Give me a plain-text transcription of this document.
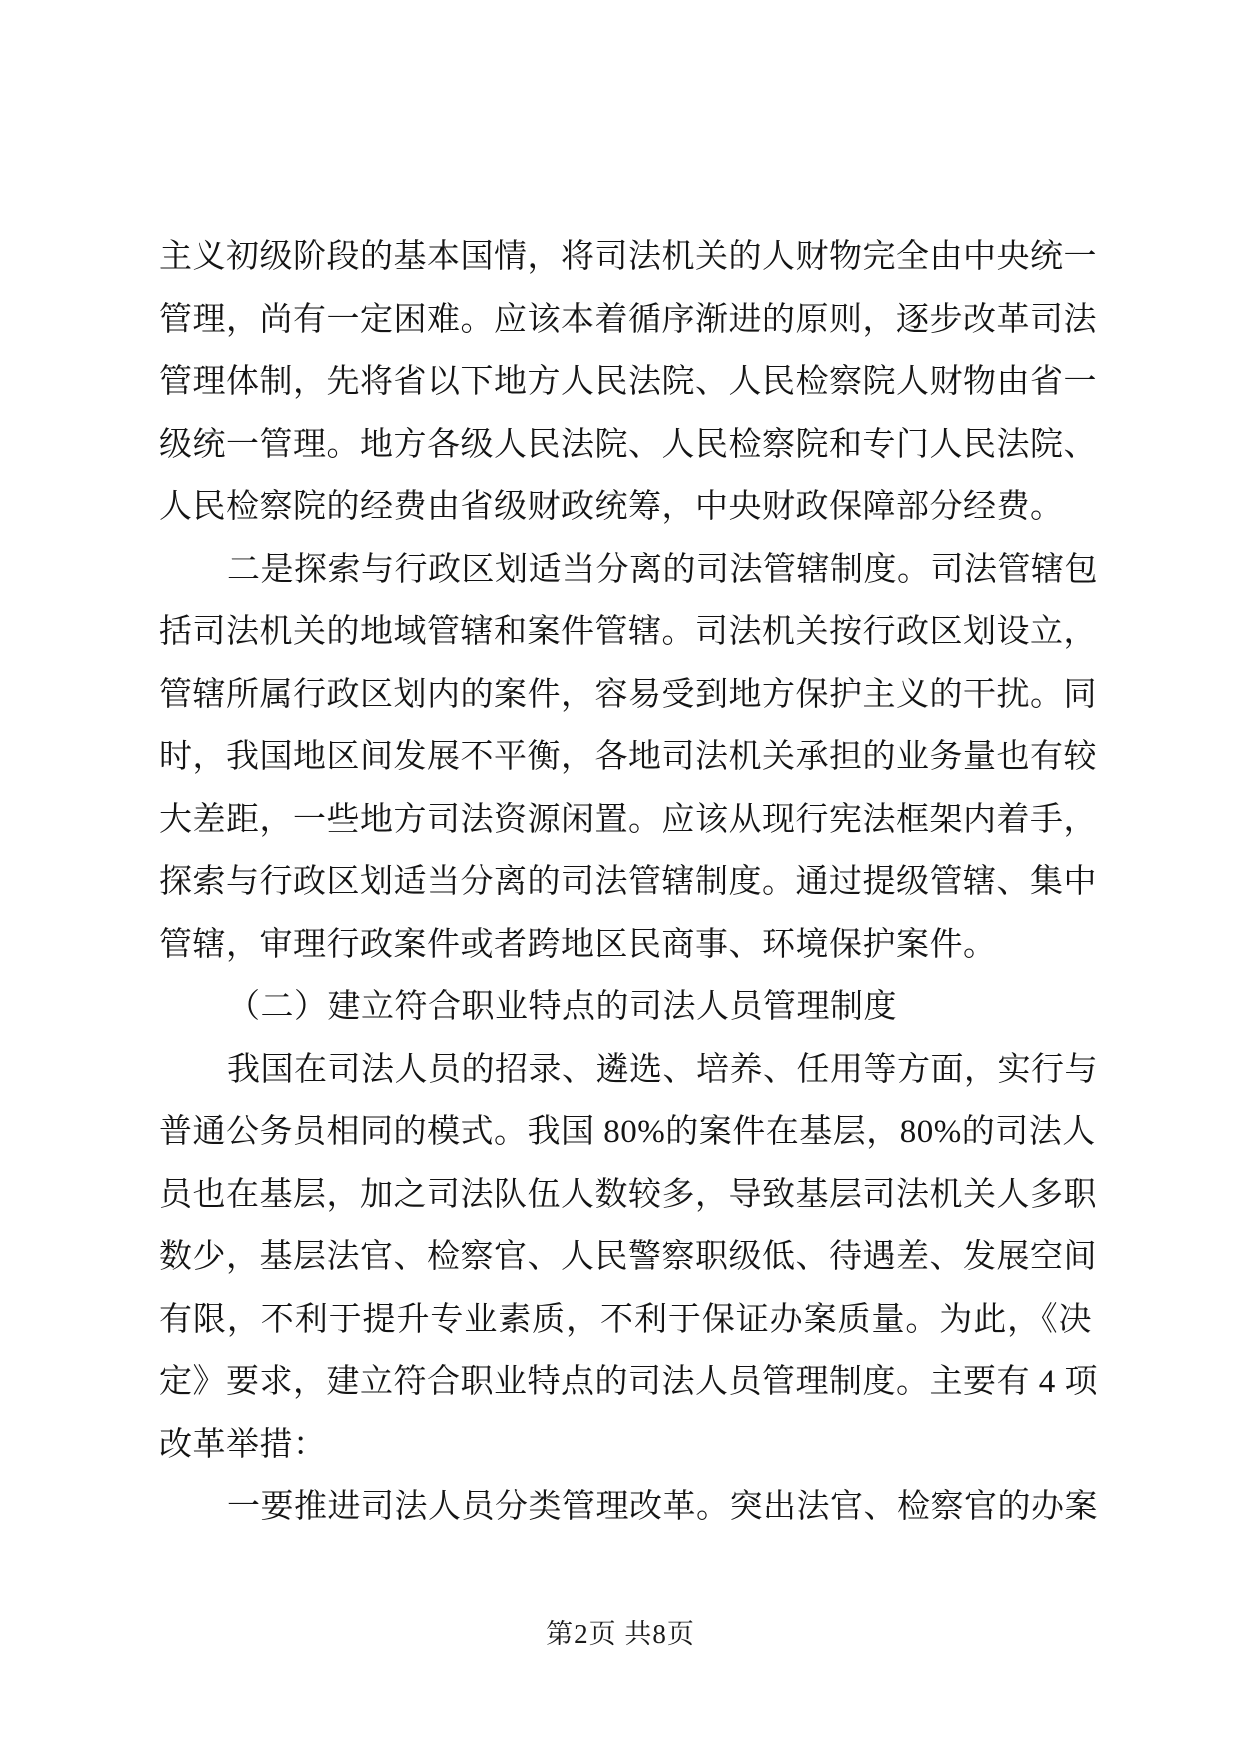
主义初级阶段的基本国情，将司法机关的人财物完全由中央统一
管理，尚有一定困难。应该本着循序渐进的原则，逐步改革司法
管理体制，先将省以下地方人民法院、人民检察院人财物由省一
级统一管理。地方各级人民法院、人民检察院和专门人民法院、
人民检察院的经费由省级财政统筹，中央财政保障部分经费。
二是探索与行政区划适当分离的司法管辖制度。司法管辖包
括司法机关的地域管辖和案件管辖。司法机关按行政区划设立，
管辖所属行政区划内的案件，容易受到地方保护主义的干扰。同
时，我国地区间发展不平衡，各地司法机关承担的业务量也有较
大差距，一些地方司法资源闲置。应该从现行宪法框架内着手，
探索与行政区划适当分离的司法管辖制度。通过提级管辖、集中
管辖，审理行政案件或者跨地区民商事、环境保护案件。
（二）建立符合职业特点的司法人员管理制度
我国在司法人员的招录、遴选、培养、任用等方面，实行与
普通公务员相同的模式。我国 80%的案件在基层，80%的司法人
员也在基层，加之司法队伍人数较多，导致基层司法机关人多职
数少，基层法官、检察官、人民警察职级低、待遇差、发展空间
有限，不利于提升专业素质，不利于保证办案质量。为此，《决
定》要求，建立符合职业特点的司法人员管理制度。主要有 4 项
改革举措：
一要推进司法人员分类管理改革。突出法官、检察官的办案
第2页 共8页
